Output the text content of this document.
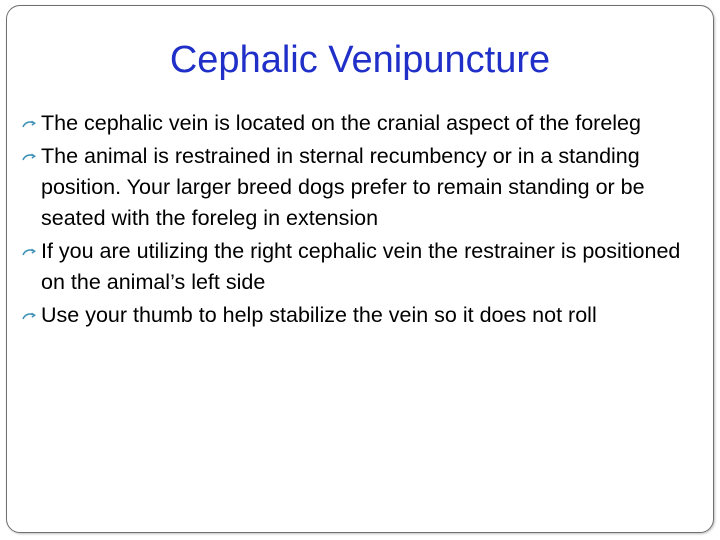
Cephalic Venipuncture
The cephalic vein is located on the cranial aspect of the foreleg
The animal is restrained in sternal recumbency or in a standing position. Your larger breed dogs prefer to remain standing or be seated with the foreleg in extension
If you are utilizing the right cephalic vein the restrainer is positioned on the animal’s left side
Use your thumb to help stabilize the vein so it does not roll
